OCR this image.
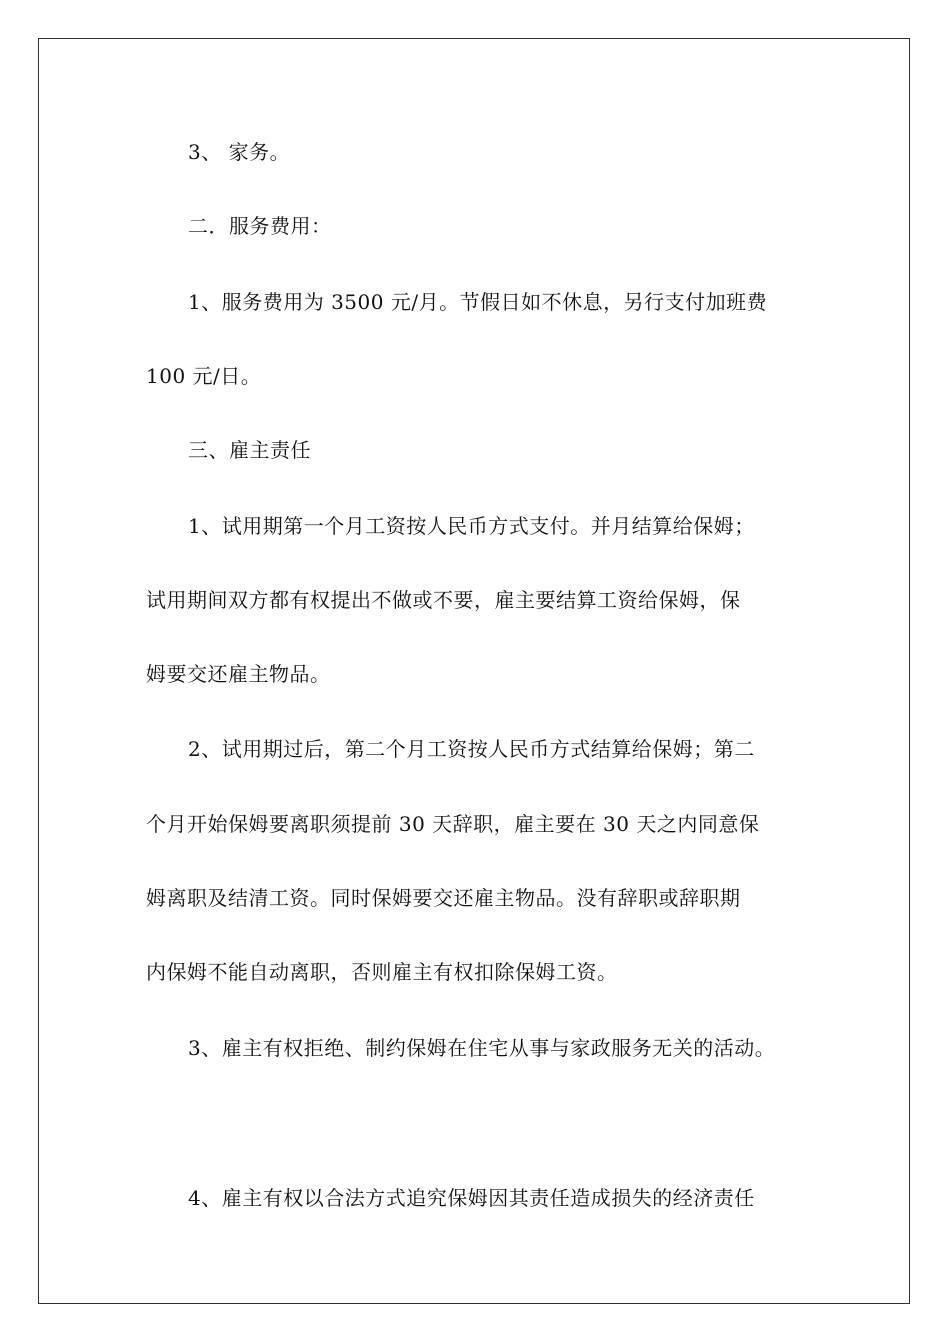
3、 家务。
二．服务费用：
1、服务费用为 3500 元/月。节假日如不休息，另行支付加班费
100 元/日。
三、雇主责任
1、试用期第一个月工资按人民币方式支付。并月结算给保姆；
试用期间双方都有权提出不做或不要，雇主要结算工资给保姆，保
姆要交还雇主物品。
2、试用期过后，第二个月工资按人民币方式结算给保姆；第二
个月开始保姆要离职须提前 30 天辞职，雇主要在 30 天之内同意保
姆离职及结清工资。同时保姆要交还雇主物品。没有辞职或辞职期
内保姆不能自动离职，否则雇主有权扣除保姆工资。
3、雇主有权拒绝、制约保姆在住宅从事与家政服务无关的活动。
4、雇主有权以合法方式追究保姆因其责任造成损失的经济责任
